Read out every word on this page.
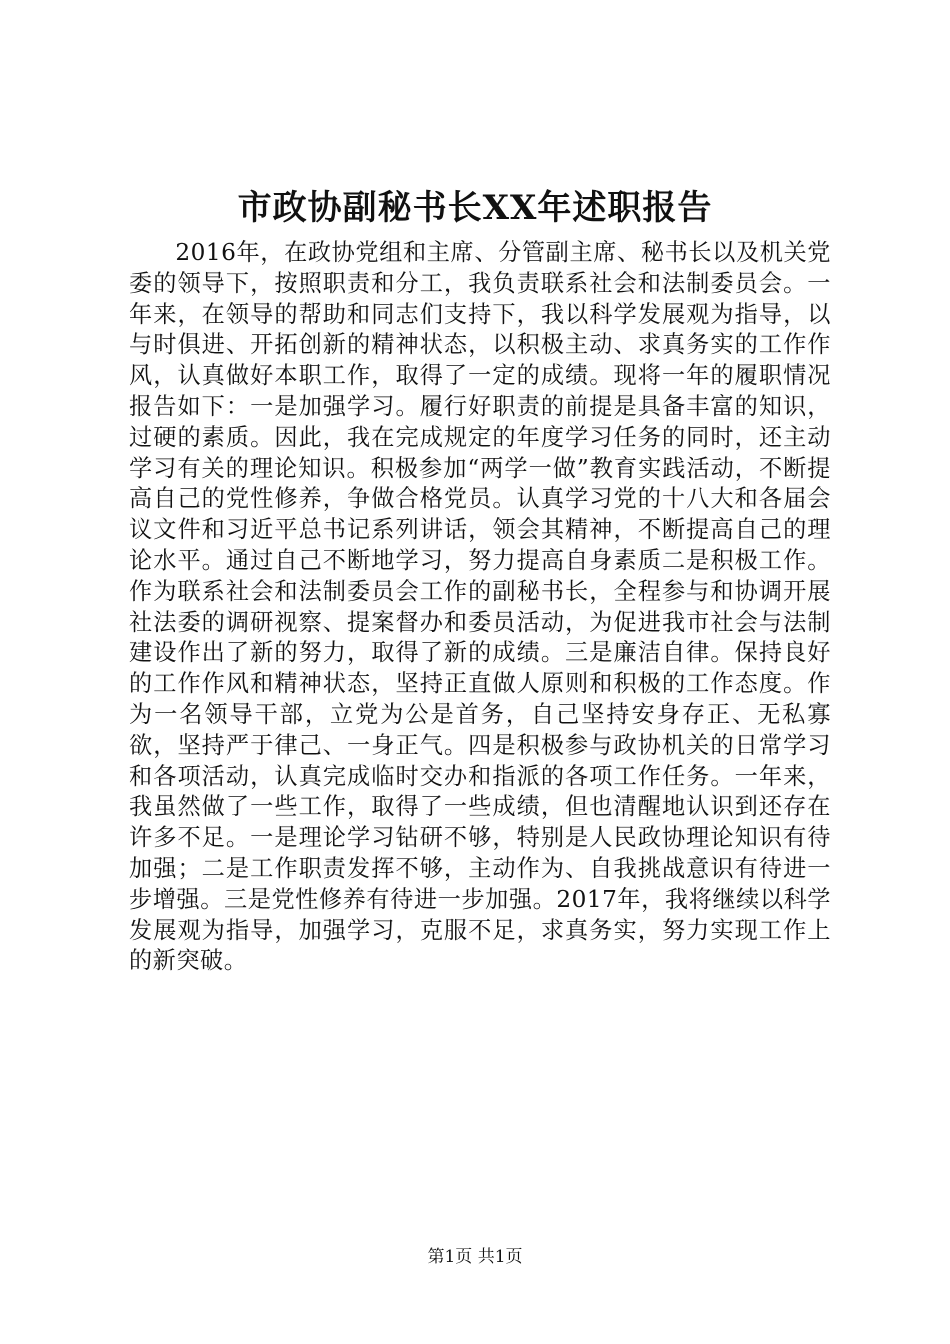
市政协副秘书长XX年述职报告
2016年，在政协党组和主席、分管副主席、秘书长以及机关党委的领导下，按照职责和分工，我负责联系社会和法制委员会。一年来，在领导的帮助和同志们支持下，我以科学发展观为指导，以与时俱进、开拓创新的精神状态，以积极主动、求真务实的工作作风，认真做好本职工作，取得了一定的成绩。现将一年的履职情况报告如下：一是加强学习。履行好职责的前提是具备丰富的知识，过硬的素质。因此，我在完成规定的年度学习任务的同时，还主动学习有关的理论知识。积极参加“两学一做”教育实践活动，不断提高自己的党性修养，争做合格党员。认真学习党的十八大和各届会议文件和习近平总书记系列讲话，领会其精神，不断提高自己的理论水平。通过自己不断地学习，努力提高自身素质二是积极工作。作为联系社会和法制委员会工作的副秘书长，全程参与和协调开展社法委的调研视察、提案督办和委员活动，为促进我市社会与法制建设作出了新的努力，取得了新的成绩。三是廉洁自律。保持良好的工作作风和精神状态，坚持正直做人原则和积极的工作态度。作为一名领导干部，立党为公是首务，自己坚持安身存正、无私寡欲，坚持严于律己、一身正气。四是积极参与政协机关的日常学习和各项活动，认真完成临时交办和指派的各项工作任务。一年来，我虽然做了一些工作，取得了一些成绩，但也清醒地认识到还存在许多不足。一是理论学习钻研不够，特别是人民政协理论知识有待加强；二是工作职责发挥不够，主动作为、自我挑战意识有待进一步增强。三是党性修养有待进一步加强。2017年，我将继续以科学发展观为指导，加强学习，克服不足，求真务实，努力实现工作上的新突破。
第1页 共1页
